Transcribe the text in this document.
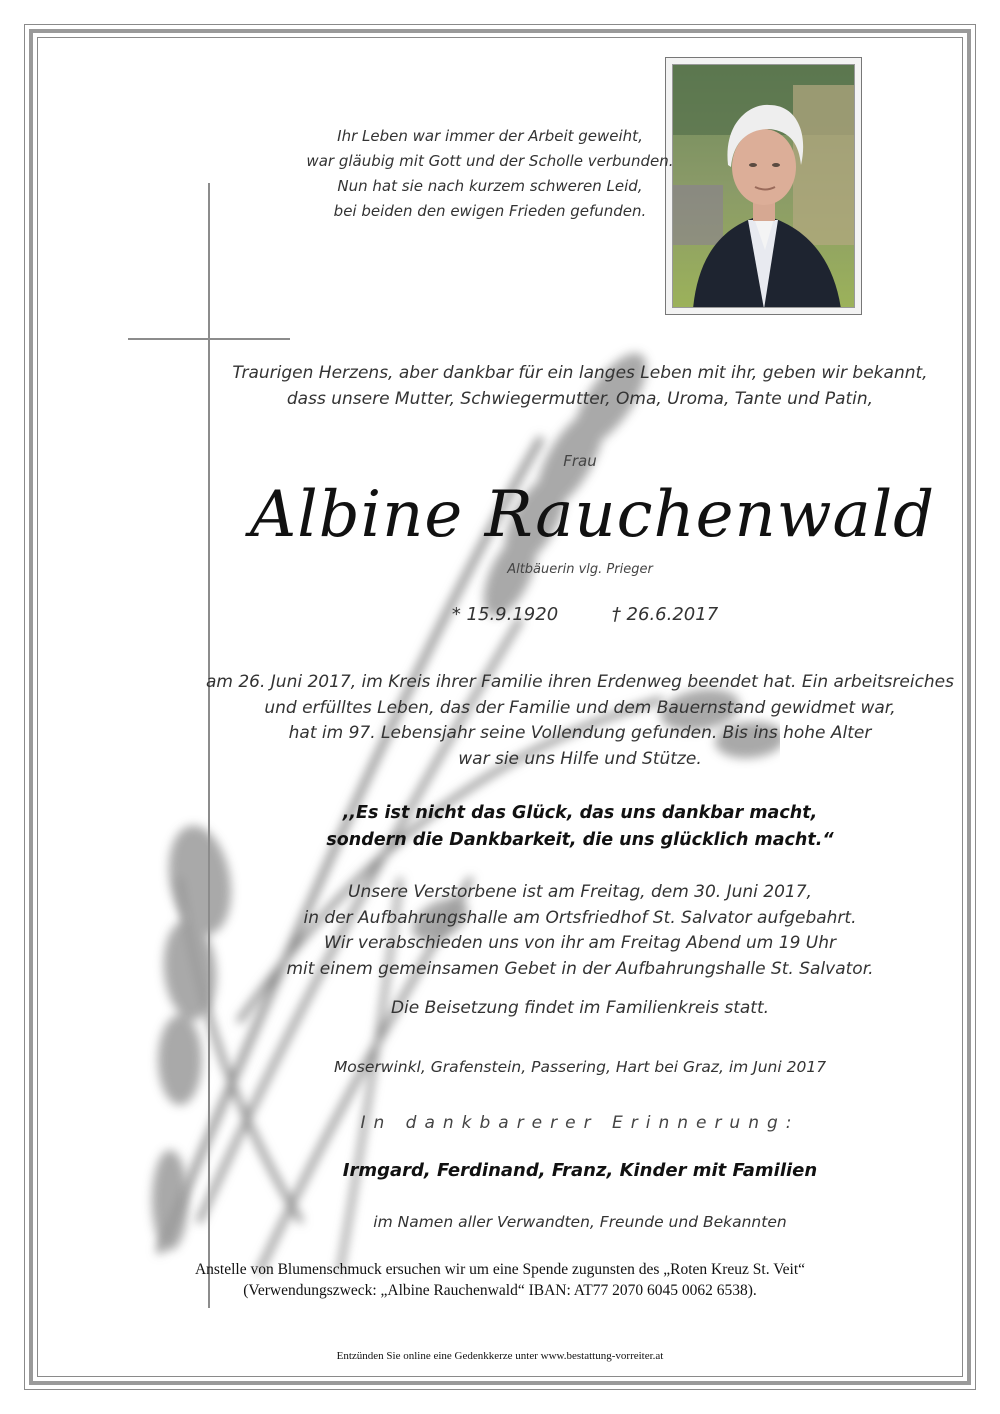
Ihr Leben war immer der Arbeit geweiht,
war gläubig mit Gott und der Scholle verbunden.
Nun hat sie nach kurzem schweren Leid,
bei beiden den ewigen Frieden gefunden.
Traurigen Herzens, aber dankbar für ein langes Leben mit ihr, geben wir bekannt,
dass unsere Mutter, Schwiegermutter, Oma, Uroma, Tante und Patin,
Frau
Albine Rauchenwald
Altbäuerin vlg. Prieger
* 15.9.1920	† 26.6.2017
am 26. Juni 2017, im Kreis ihrer Familie ihren Erdenweg beendet hat. Ein arbeitsreiches
und erfülltes Leben, das der Familie und dem Bauernstand gewidmet war,
hat im 97. Lebensjahr seine Vollendung gefunden. Bis ins hohe Alter
war sie uns Hilfe und Stütze.
,,Es ist nicht das Glück, das uns dankbar macht,
sondern die Dankbarkeit, die uns glücklich macht.“
Unsere Verstorbene ist am Freitag, dem 30. Juni 2017,
in der Aufbahrungshalle am Ortsfriedhof St. Salvator aufgebahrt.
Wir verabschieden uns von ihr am Freitag Abend um 19 Uhr
mit einem gemeinsamen Gebet in der Aufbahrungshalle St. Salvator.
Die Beisetzung findet im Familienkreis statt.
Moserwinkl, Grafenstein, Passering, Hart bei Graz, im Juni 2017
In dankbarerer Erinnerung:
Irmgard, Ferdinand, Franz, Kinder mit Familien
im Namen aller Verwandten, Freunde und Bekannten
Anstelle von Blumenschmuck ersuchen wir um eine Spende zugunsten des „Roten Kreuz St. Veit“
(Verwendungszweck: „Albine Rauchenwald“ IBAN: AT77 2070 6045 0062 6538).
Entzünden Sie online eine Gedenkkerze unter www.bestattung-vorreiter.at
